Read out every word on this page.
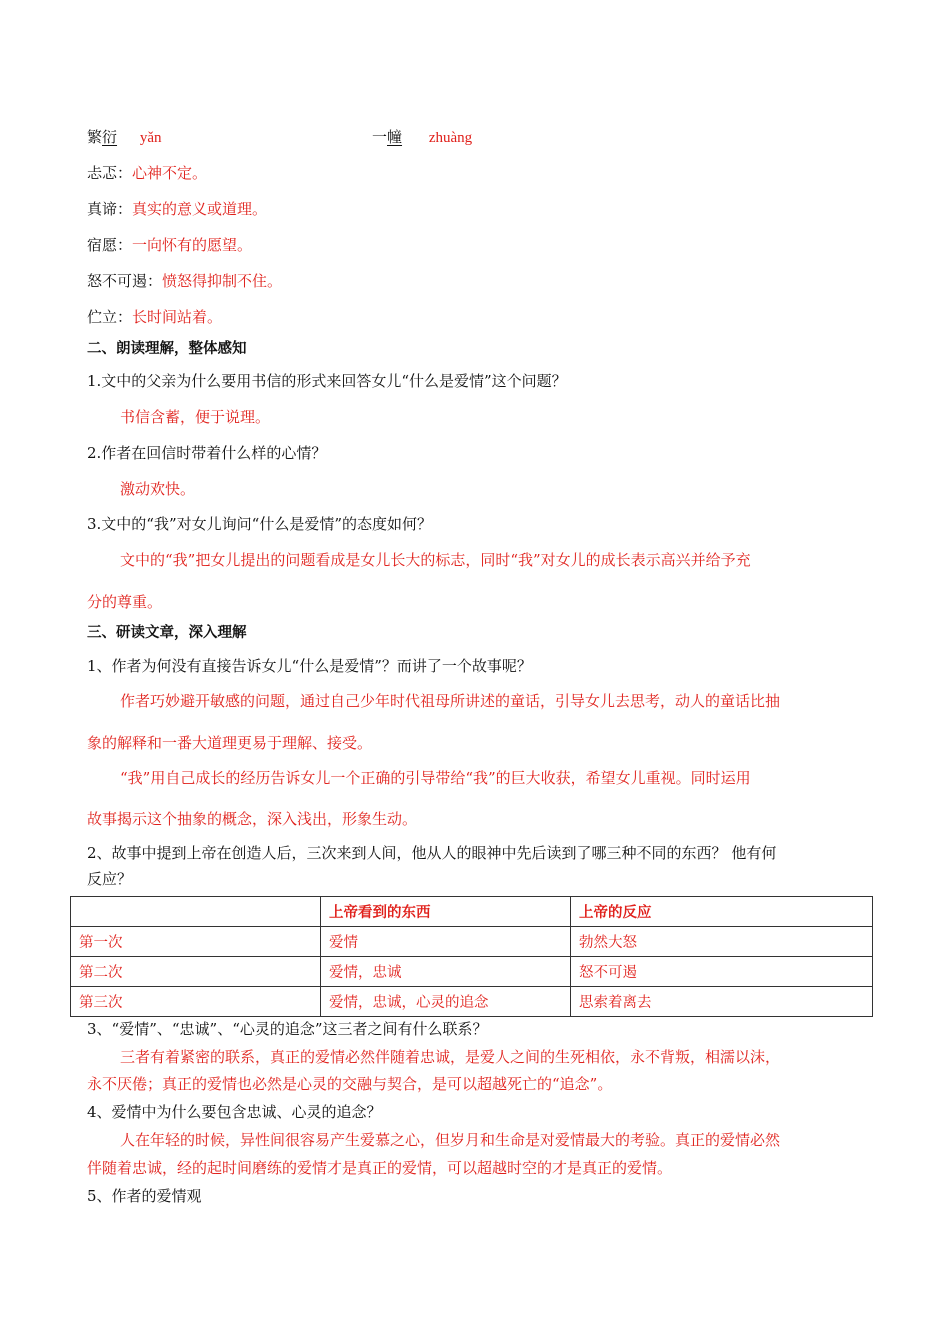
繁衍 yǎn	一幢 zhuàng
忐忑：心神不定。
真谛：真实的意义或道理。
宿愿：一向怀有的愿望。
怒不可遏：愤怒得抑制不住。
伫立：长时间站着。
二、朗读理解，整体感知
1.文中的父亲为什么要用书信的形式来回答女儿“什么是爱情”这个问题？
书信含蓄，便于说理。
2.作者在回信时带着什么样的心情？
激动欢快。
3.文中的“我”对女儿询问“什么是爱情”的态度如何？
文中的“我”把女儿提出的问题看成是女儿长大的标志，同时“我”对女儿的成长表示高兴并给予充
分的尊重。
三、研读文章，深入理解
1、作者为何没有直接告诉女儿“什么是爱情”？而讲了一个故事呢？
作者巧妙避开敏感的问题，通过自己少年时代祖母所讲述的童话，引导女儿去思考，动人的童话比抽
象的解释和一番大道理更易于理解、接受。
“我”用自己成长的经历告诉女儿一个正确的引导带给“我”的巨大收获，希望女儿重视。同时运用
故事揭示这个抽象的概念，深入浅出，形象生动。
2、故事中提到上帝在创造人后，三次来到人间，他从人的眼神中先后读到了哪三种不同的东西？ 他有何
反应？
	上帝看到的东西	上帝的反应
第一次	爱情	勃然大怒
第二次	爱情，忠诚	怒不可遏
第三次	爱情，忠诚，心灵的追念	思索着离去
3、“爱情”、“忠诚”、“心灵的追念”这三者之间有什么联系？
三者有着紧密的联系，真正的爱情必然伴随着忠诚，是爱人之间的生死相依，永不背叛，相濡以沫，
永不厌倦；真正的爱情也必然是心灵的交融与契合，是可以超越死亡的“追念”。
4、爱情中为什么要包含忠诚、心灵的追念？
人在年轻的时候，异性间很容易产生爱慕之心，但岁月和生命是对爱情最大的考验。真正的爱情必然
伴随着忠诚，经的起时间磨练的爱情才是真正的爱情，可以超越时空的才是真正的爱情。
5、作者的爱情观
